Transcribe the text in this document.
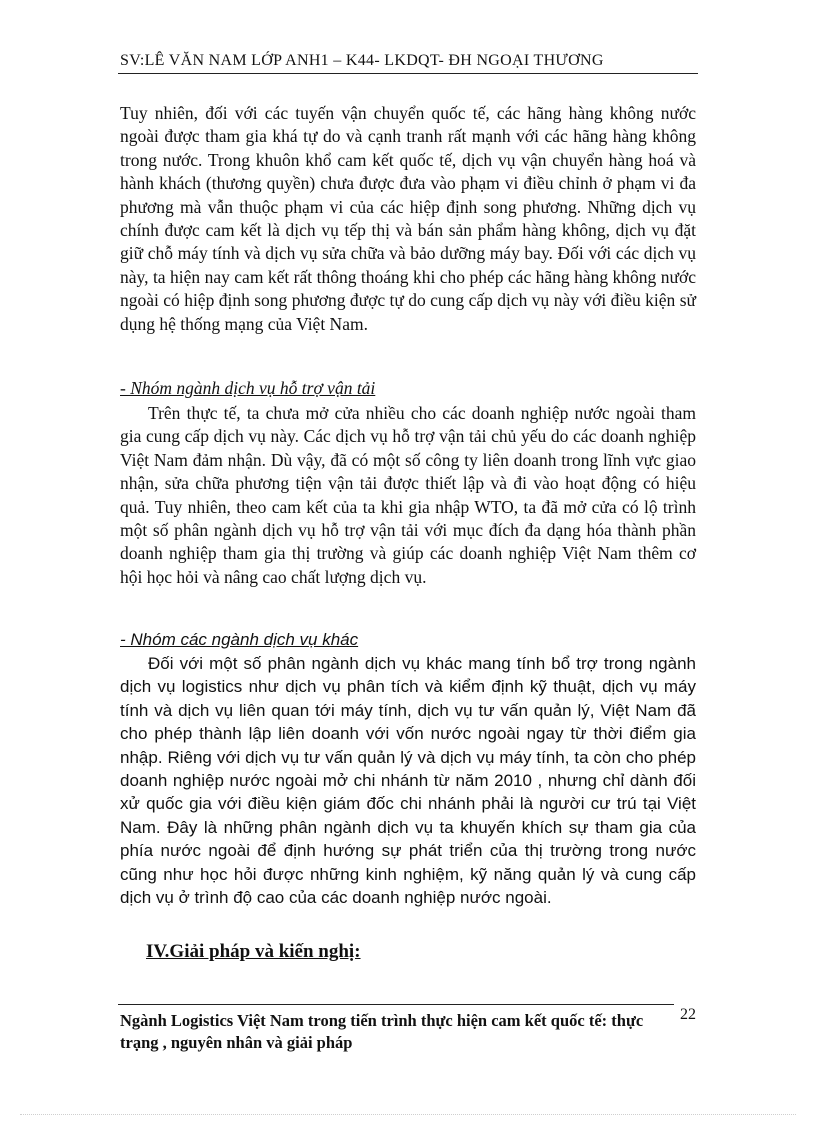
SV:LÊ VĂN NAM LỚP ANH1 – K44- LKDQT- ĐH NGOẠI THƯƠNG

Tuy nhiên, đối với các tuyến vận chuyển quốc tế, các hãng hàng không nước ngoài được tham gia khá tự do và cạnh tranh rất mạnh với các hãng hàng không trong nước. Trong khuôn khổ cam kết quốc tế, dịch vụ vận chuyển hàng hoá và hành khách (thương quyền) chưa được đưa vào phạm vi điều chỉnh ở phạm vi đa phương mà vẫn thuộc phạm vi của các hiệp định song phương. Những dịch vụ chính được cam kết là dịch vụ tếp thị và bán sản phẩm hàng không, dịch vụ đặt giữ chỗ máy tính và dịch vụ sửa chữa và bảo dưỡng máy bay. Đối với các dịch vụ này, ta hiện nay cam kết rất thông thoáng khi cho phép các hãng hàng không nước ngoài có hiệp định song phương được tự do cung cấp dịch vụ này với điều kiện sử dụng hệ thống mạng của Việt Nam.

- Nhóm ngành dịch vụ hỗ trợ vận tải

Trên thực tế, ta chưa mở cửa nhiều cho các doanh nghiệp nước ngoài tham gia cung cấp dịch vụ này. Các dịch vụ hỗ trợ vận tải chủ yếu do các doanh nghiệp Việt Nam đảm nhận. Dù vậy, đã có một số công ty liên doanh trong lĩnh vực giao nhận, sửa chữa phương tiện vận tải được thiết lập và đi vào hoạt động có hiệu quả. Tuy nhiên, theo cam kết của ta khi gia nhập WTO, ta đã mở cửa có lộ trình một số phân ngành dịch vụ hỗ trợ vận tải với mục đích đa dạng hóa thành phần doanh nghiệp tham gia thị trường và giúp các doanh nghiệp Việt Nam thêm cơ hội học hỏi và nâng cao chất lượng dịch vụ.

- Nhóm các ngành dịch vụ khác

Đối với một số phân ngành dịch vụ khác mang tính bổ trợ trong ngành dịch vụ logistics như dịch vụ phân tích và kiểm định kỹ thuật, dịch vụ máy tính và dịch vụ liên quan tới máy tính, dịch vụ tư vấn quản lý, Việt Nam đã cho phép thành lập liên doanh với vốn nước ngoài ngay từ thời điểm gia nhập. Riêng với dịch vụ tư vấn quản lý và dịch vụ máy tính, ta còn cho phép doanh nghiệp nước ngoài mở chi nhánh từ năm 2010 , nhưng chỉ dành đối xử quốc gia với điều kiện giám đốc chi nhánh phải là người cư trú tại Việt Nam. Đây là những phân ngành dịch vụ ta khuyến khích sự tham gia của phía nước ngoài để định hướng sự phát triển của thị trường trong nước cũng như học hỏi được những kinh nghiệm, kỹ năng quản lý và cung cấp dịch vụ ở trình độ cao của các doanh nghiệp nước ngoài.

IV.Giải pháp và kiến nghị:
Ngành Logistics Việt Nam trong tiến trình thực hiện cam kết quốc tế: thực trạng , nguyên nhân và giải pháp
22
